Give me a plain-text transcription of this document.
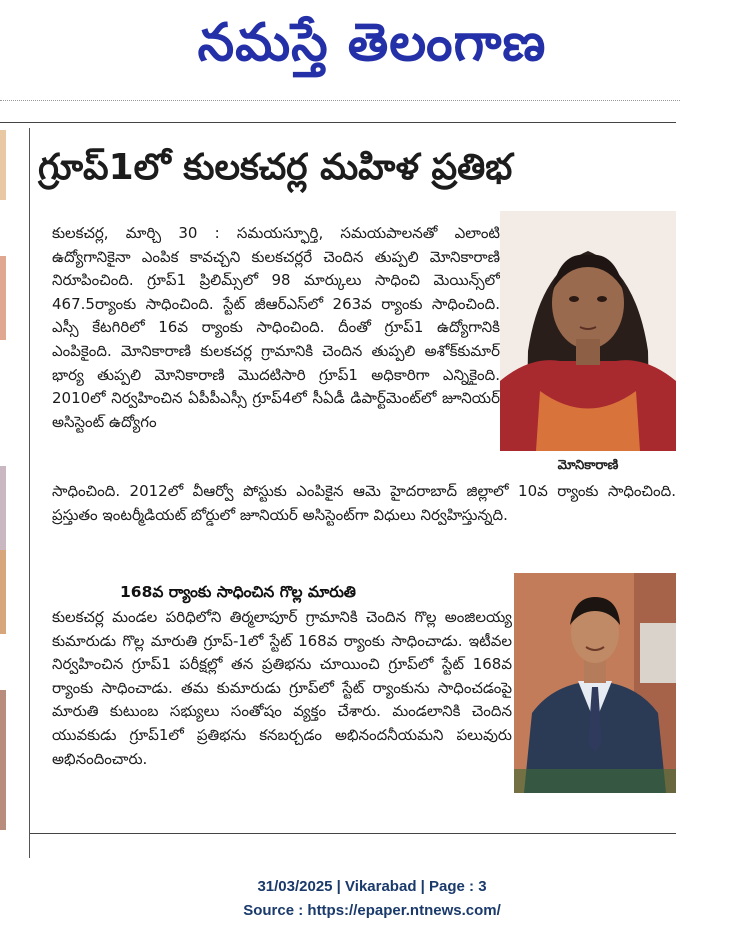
నమస్తే తెలంగాణ
గ్రూప్‌1లో కులకచర్ల మహిళ ప్రతిభ
కులకచర్ల, మార్చి 30 : సమయస్ఫూర్తి, సమయపాలనతో ఎలాంటి ఉద్యోగానికైనా ఎంపిక కావచ్చని కులకచర్లరే చెందిన తుప్పలి మోనికారాణి నిరూపించింది. గ్రూప్‌1 ప్రిలిమ్స్‌లో 98 మార్కులు సాధించి మెయిన్స్‌లో 467.5ర్యాంకు సాధించింది. స్టేట్‌ జీఆర్‌ఎస్‌లో 263వ ర్యాంకు సాధించింది. ఎస్సీ కేటగిరిలో 16వ ర్యాంకు సాధించింది. దీంతో గ్రూప్‌1 ఉద్యోగానికి ఎంపికైంది. మోనికారాణి కులకచర్ల గ్రామానికి చెందిన తుప్పలి అశోక్‌కుమార్‌ భార్య తుప్పలి మోనికారాణి మొదటిసారి గ్రూప్‌1 అధికారిగా ఎన్నికైంది. 2010లో నిర్వహించిన ఏపీపీఎస్సీ గ్రూప్‌4లో సీఏడీ డిపార్ట్‌మెంట్‌లో జూనియర్‌ అసిస్టెంట్‌ ఉద్యోగం
మోనికారాణి
సాధించింది. 2012లో వీఆర్వో పోస్టుకు ఎంపికైన ఆమె హైదరాబాద్‌ జిల్లాలో 10వ ర్యాంకు సాధించింది. ప్రస్తుతం ఇంటర్మీడియట్‌ బోర్డులో జూనియర్‌ అసిస్టెంట్‌గా విధులు నిర్వహిస్తున్నది.
168వ ర్యాంకు సాధించిన గొల్ల మారుతి
కులకచర్ల మండల పరిధిలోని తిర్మలాపూర్‌ గ్రామానికి చెందిన గొల్ల అంజిలయ్య కుమారుడు గొల్ల మారుతి గ్రూప్‌-1లో స్టేట్‌ 168వ ర్యాంకు సాధించాడు. ఇటీవల నిర్వహించిన గ్రూప్‌1 పరీక్షల్లో తన ప్రతిభను చూయించి గ్రూప్‌లో స్టేట్‌ 168వ ర్యాంకు సాధించాడు. తమ కుమారుడు గ్రూప్‌లో స్టేట్‌ ర్యాంకును సాధించడంపై మారుతి కుటుంబ సభ్యులు సంతోషం వ్యక్తం చేశారు. మండలానికి చెందిన యువకుడు గ్రూప్‌1లో ప్రతిభను కనబర్చడం అభినందనీయమని పలువురు అభినందించారు.
31/03/2025 | Vikarabad | Page : 3
Source : https://epaper.ntnews.com/
